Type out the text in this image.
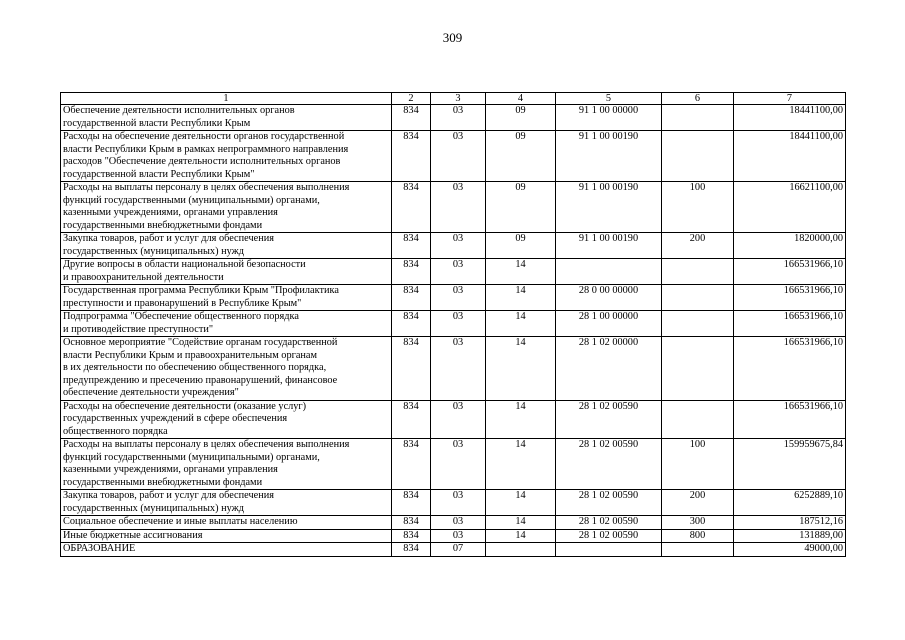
309
1	2	3	4	5	6	7
Обеспечение деятельности исполнительных органов
государственной власти Республики Крым	834	03	09	91 1 00 00000		18441100,00
Расходы на обеспечение деятельности органов государственной
власти Республики Крым в рамках непрограммного направления
расходов "Обеспечение деятельности исполнительных органов
государственной власти Республики Крым"	834	03	09	91 1 00 00190		18441100,00
Расходы на выплаты персоналу в целях обеспечения выполнения
функций государственными (муниципальными) органами,
казенными учреждениями, органами управления
государственными внебюджетными фондами	834	03	09	91 1 00 00190	100	16621100,00
Закупка товаров, работ и услуг для обеспечения
государственных (муниципальных) нужд	834	03	09	91 1 00 00190	200	1820000,00
Другие вопросы в области национальной безопасности
и правоохранительной деятельности	834	03	14			166531966,10
Государственная программа Республики Крым "Профилактика
преступности и правонарушений в Республике Крым"	834	03	14	28 0 00 00000		166531966,10
Подпрограмма "Обеспечение общественного порядка
и противодействие преступности"	834	03	14	28 1 00 00000		166531966,10
Основное мероприятие "Содействие органам государственной
власти Республики Крым и правоохранительным органам
в их деятельности по обеспечению общественного порядка,
предупреждению и пресечению правонарушений, финансовое
обеспечение деятельности учреждения"	834	03	14	28 1 02 00000		166531966,10
Расходы на обеспечение деятельности (оказание услуг)
государственных учреждений в сфере обеспечения
общественного порядка	834	03	14	28 1 02 00590		166531966,10
Расходы на выплаты персоналу в целях обеспечения выполнения
функций государственными (муниципальными) органами,
казенными учреждениями, органами управления
государственными внебюджетными фондами	834	03	14	28 1 02 00590	100	159959675,84
Закупка товаров, работ и услуг для обеспечения
государственных (муниципальных) нужд	834	03	14	28 1 02 00590	200	6252889,10
Социальное обеспечение и иные выплаты населению	834	03	14	28 1 02 00590	300	187512,16
Иные бюджетные ассигнования	834	03	14	28 1 02 00590	800	131889,00
ОБРАЗОВАНИЕ	834	07				49000,00
